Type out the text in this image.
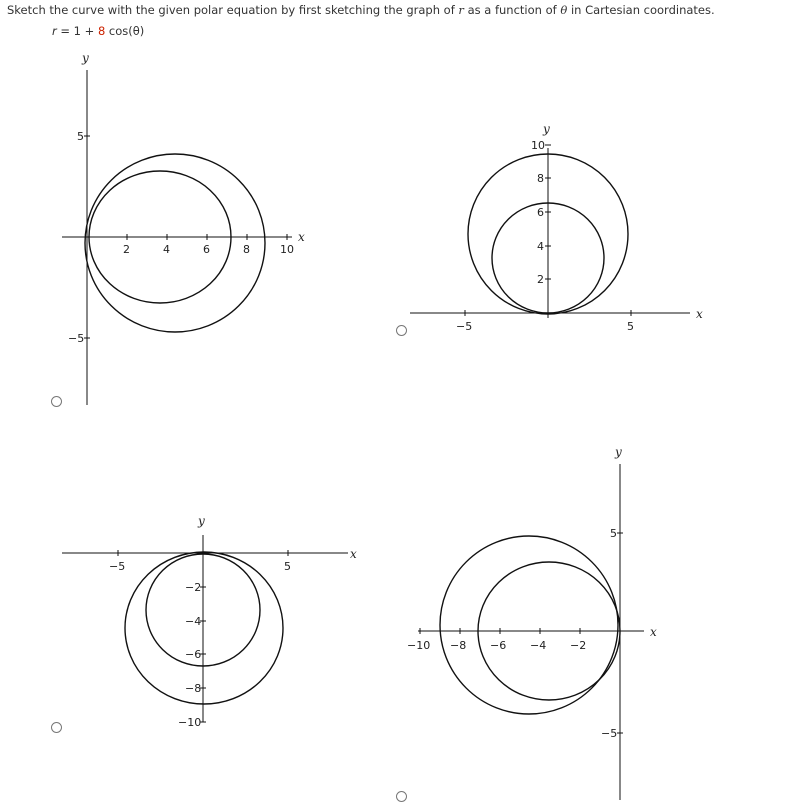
Sketch the curve with the given polar equation by first sketching the graph of r as a function of θ in Cartesian coordinates.
r = 1 + 8 cos(θ)
y
x
2	4	6	8	10
5
−5
y
x
−5	5
10
8
6
4
2
y
x
−5	5
−2
−4
−6
−8
−10
y
x
−10 −8 −6 −4 −2
5
−5
